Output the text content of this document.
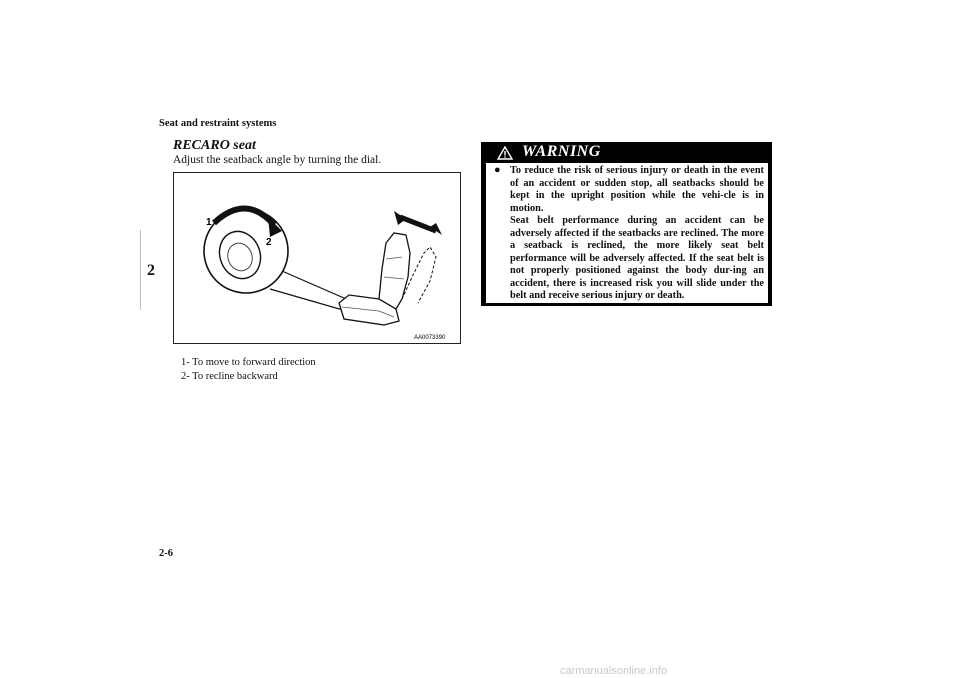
Seat and restraint systems
2
RECARO seat
Adjust the seatback angle by turning the dial.
1
2
AA0073390
1- To move to forward direction
2- To recline backward
WARNING
● To reduce the risk of serious injury or death in the event of an accident or sudden stop, all seatbacks should be kept in the upright position while the vehi-cle is in motion.
Seat belt performance during an accident can be adversely affected if the seatbacks are reclined. The more a seatback is reclined, the more likely seat belt performance will be adversely affected. If the seat belt is not properly positioned against the body dur-ing an accident, there is increased risk you will slide under the belt and receive serious injury or death.
2-6
carmanualsonline.info
